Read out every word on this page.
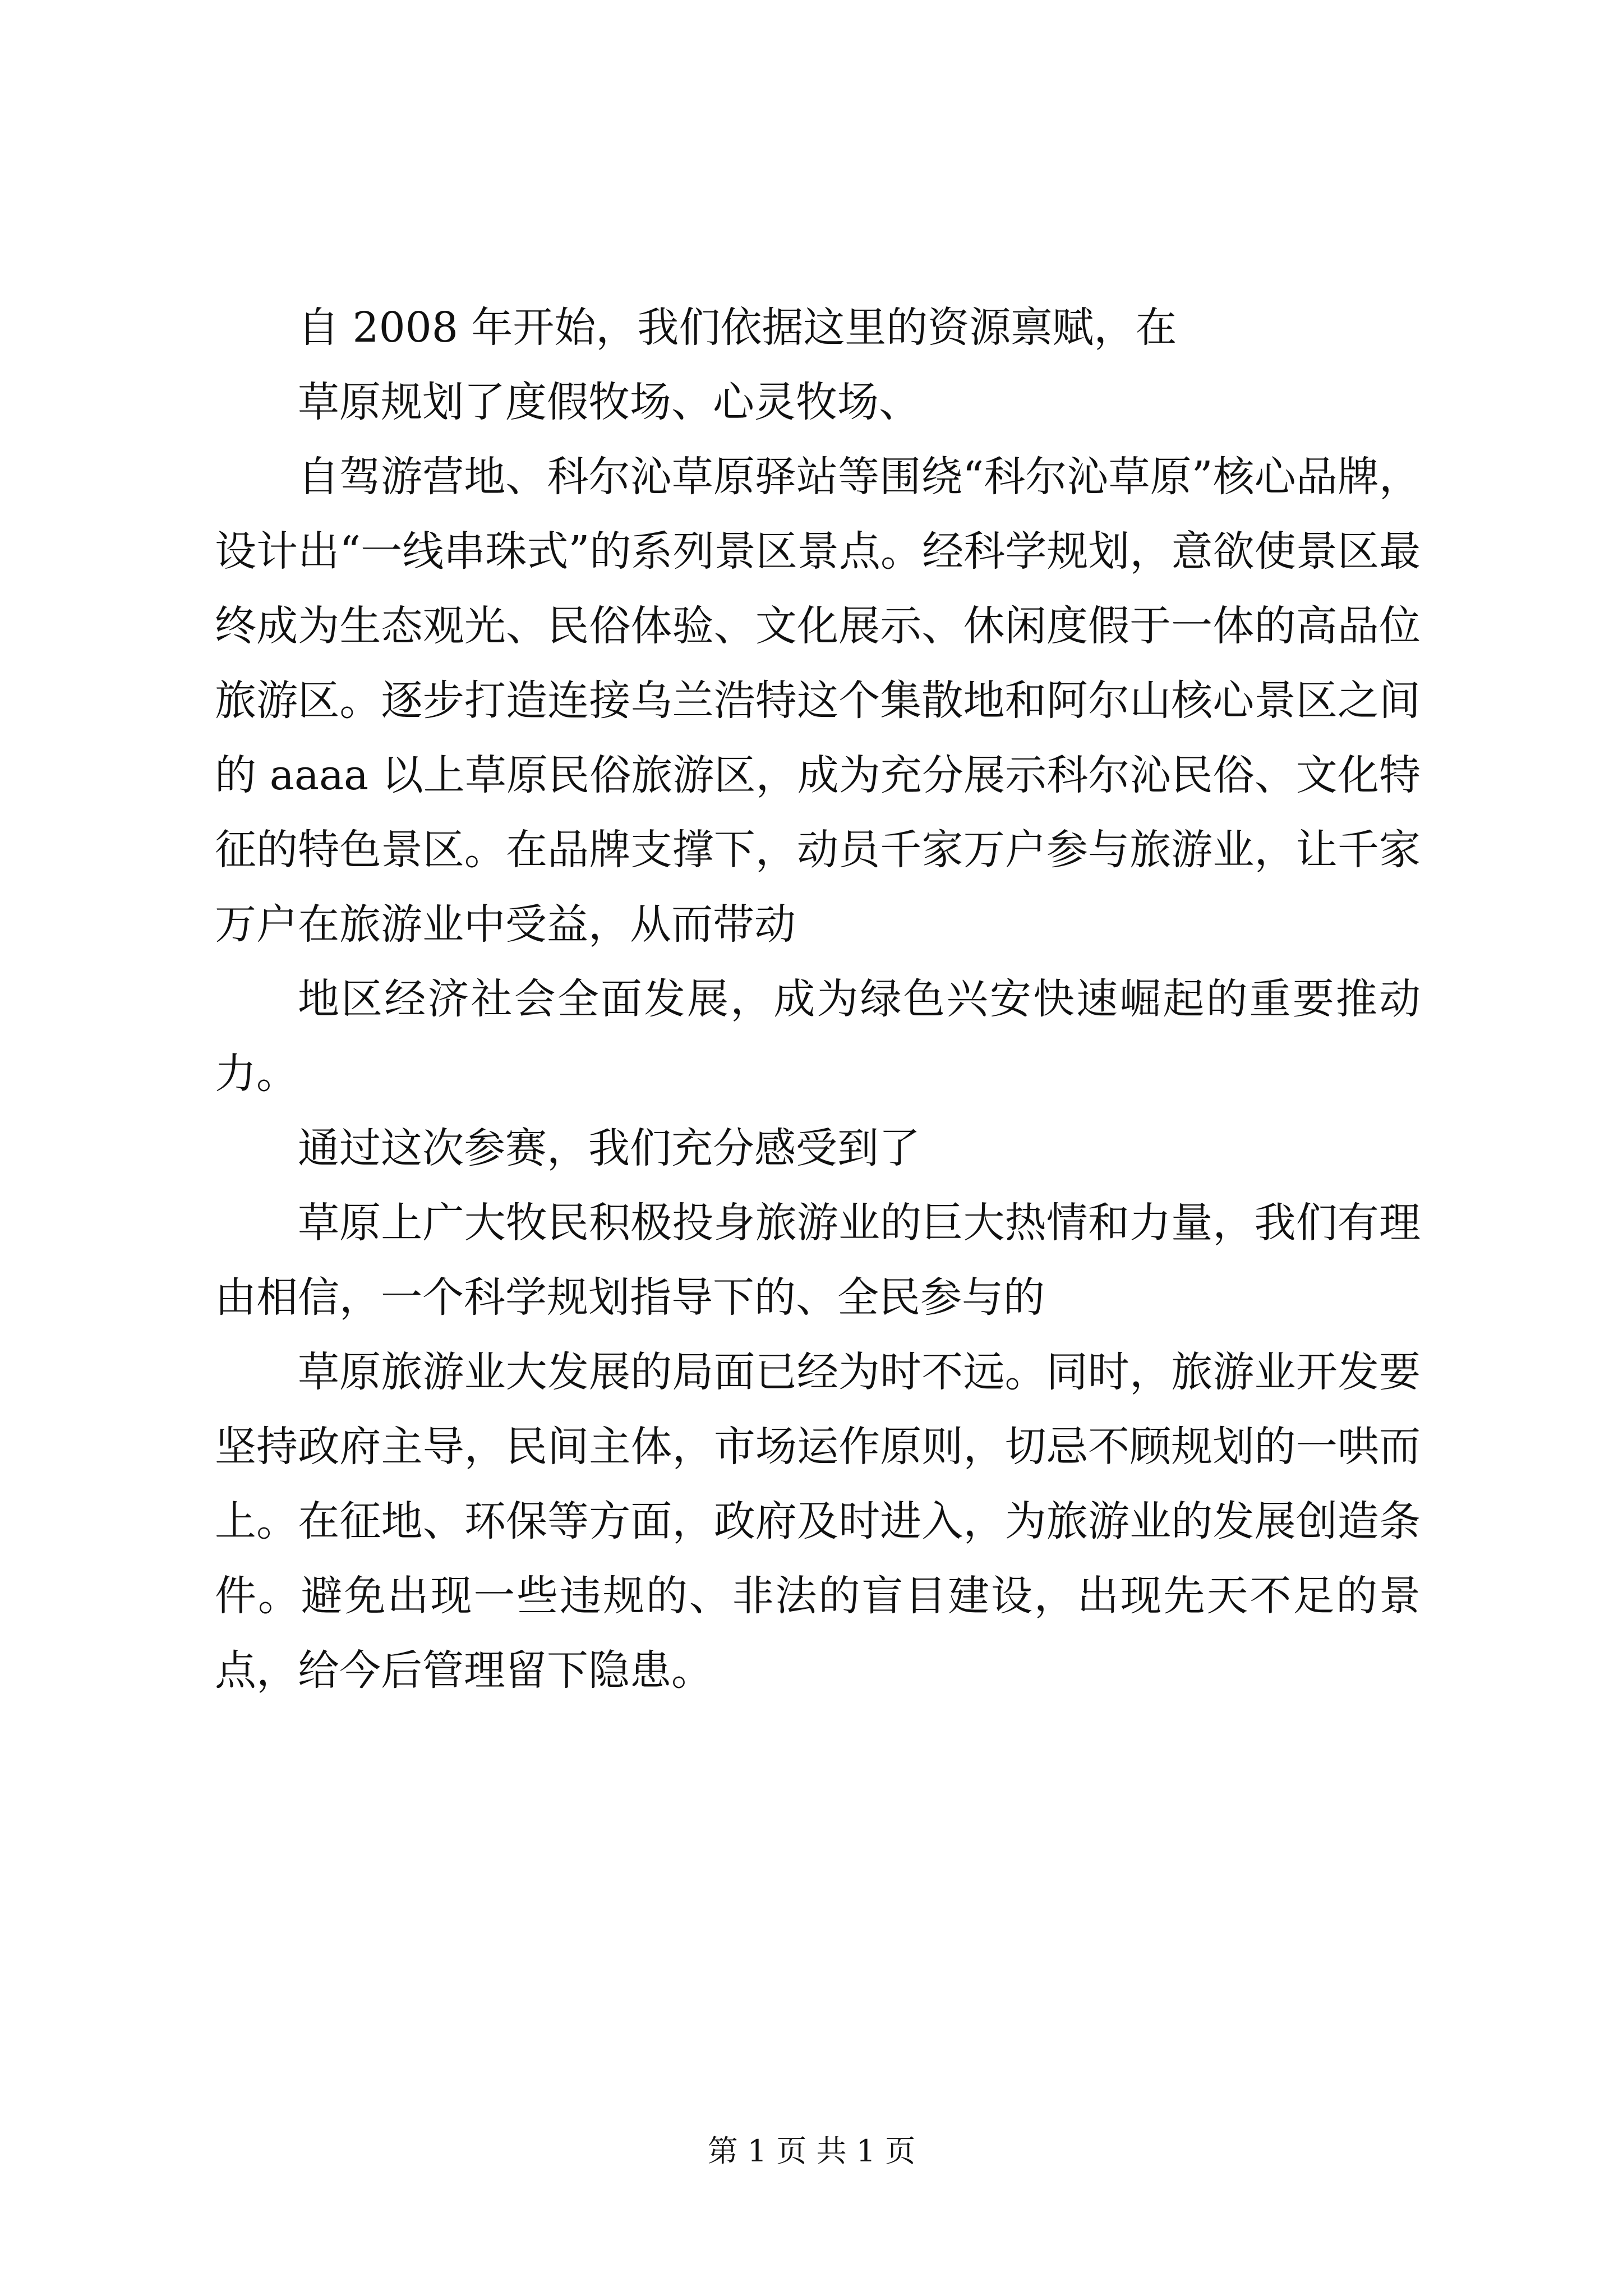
自 2008 年开始，我们依据这里的资源禀赋，在

草原规划了度假牧场、心灵牧场、

自驾游营地、科尔沁草原驿站等围绕“科尔沁草原”核心品牌，设计出“一线串珠式”的系列景区景点。经科学规划，意欲使景区最终成为生态观光、民俗体验、文化展示、休闲度假于一体的高品位旅游区。逐步打造连接乌兰浩特这个集散地和阿尔山核心景区之间的 aaaa 以上草原民俗旅游区，成为充分展示科尔沁民俗、文化特征的特色景区。在品牌支撑下，动员千家万户参与旅游业，让千家万户在旅游业中受益，从而带动

地区经济社会全面发展，成为绿色兴安快速崛起的重要推动力。

通过这次参赛，我们充分感受到了

草原上广大牧民积极投身旅游业的巨大热情和力量，我们有理由相信，一个科学规划指导下的、全民参与的

草原旅游业大发展的局面已经为时不远。同时，旅游业开发要坚持政府主导，民间主体，市场运作原则，切忌不顾规划的一哄而上。在征地、环保等方面，政府及时进入，为旅游业的发展创造条件。避免出现一些违规的、非法的盲目建设，出现先天不足的景点，给今后管理留下隐患。

第 1 页 共 1 页
